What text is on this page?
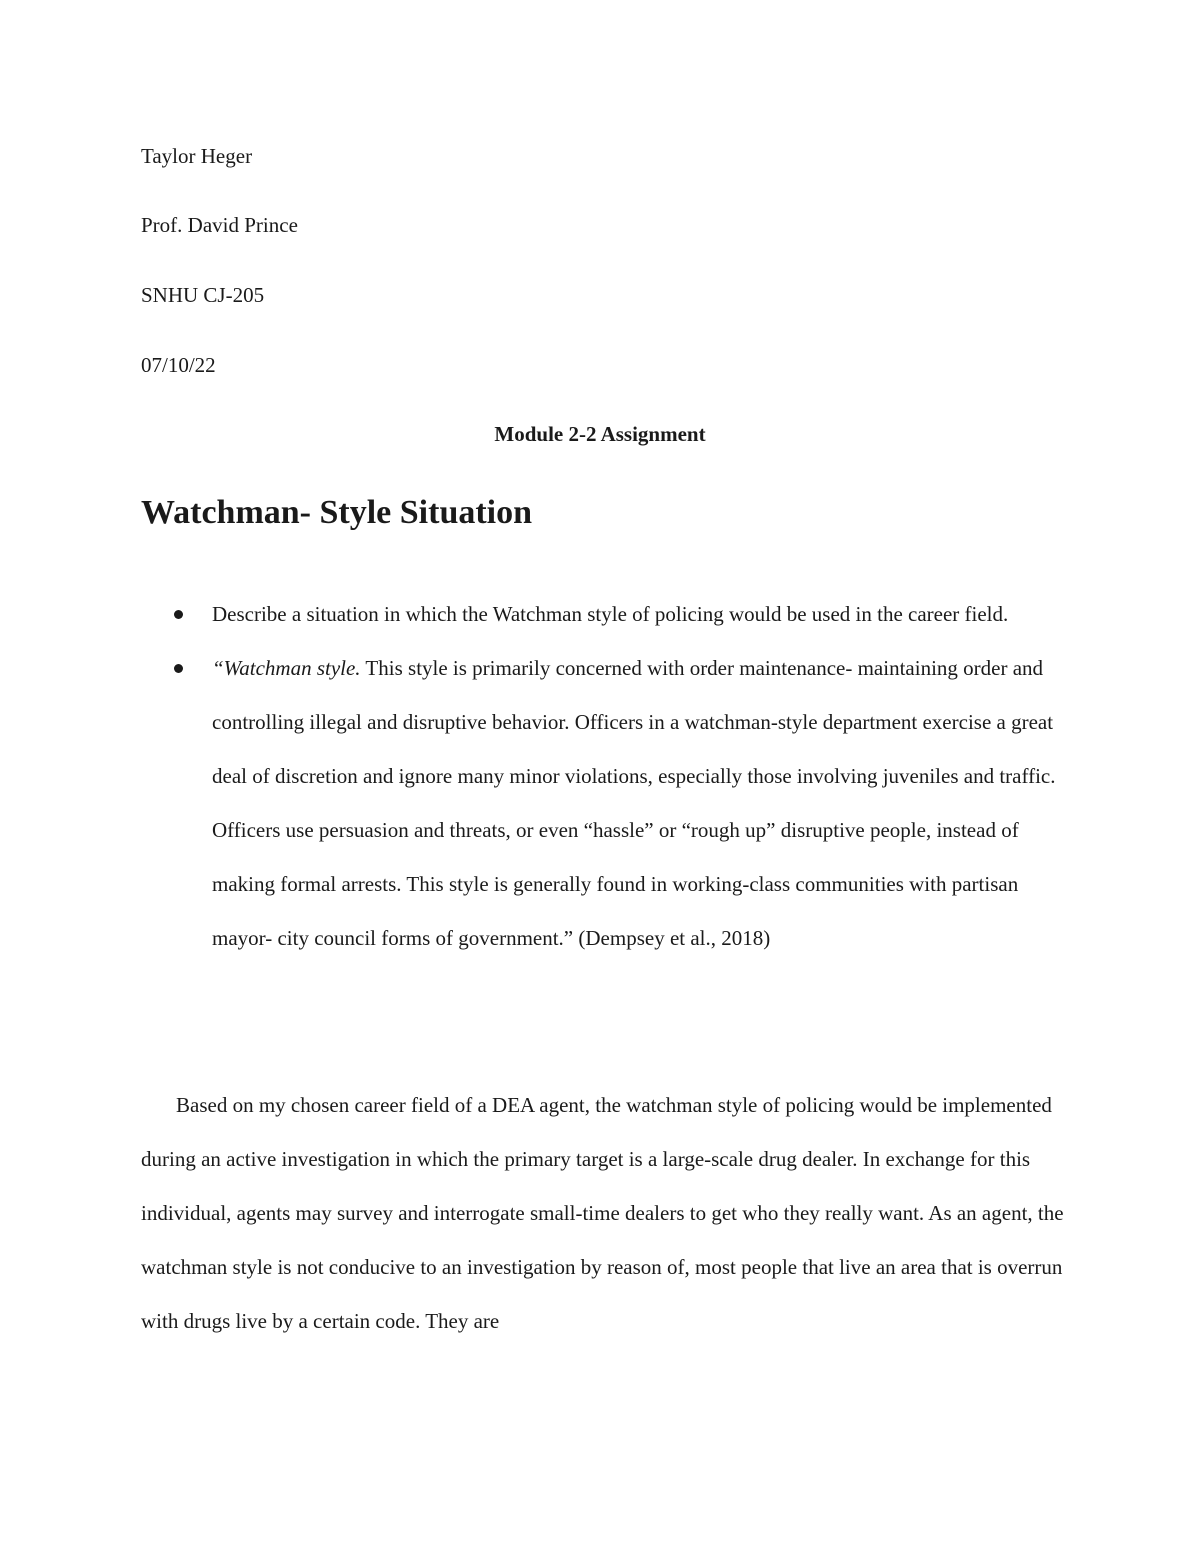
Taylor Heger
Prof. David Prince
SNHU CJ-205
07/10/22
Module 2-2 Assignment
Watchman- Style Situation
Describe a situation in which the Watchman style of policing would be used in the career field.
“Watchman style. This style is primarily concerned with order maintenance- maintaining order and controlling illegal and disruptive behavior. Officers in a watchman-style department exercise a great deal of discretion and ignore many minor violations, especially those involving juveniles and traffic. Officers use persuasion and threats, or even “hassle” or “rough up” disruptive people, instead of making formal arrests. This style is generally found in working-class communities with partisan mayor- city council forms of government.” (Dempsey et al., 2018)

Based on my chosen career field of a DEA agent, the watchman style of policing would be implemented during an active investigation in which the primary target is a large-scale drug dealer. In exchange for this individual, agents may survey and interrogate small-time dealers to get who they really want. As an agent, the watchman style is not conducive to an investigation by reason of, most people that live an area that is overrun with drugs live by a certain code. They are
